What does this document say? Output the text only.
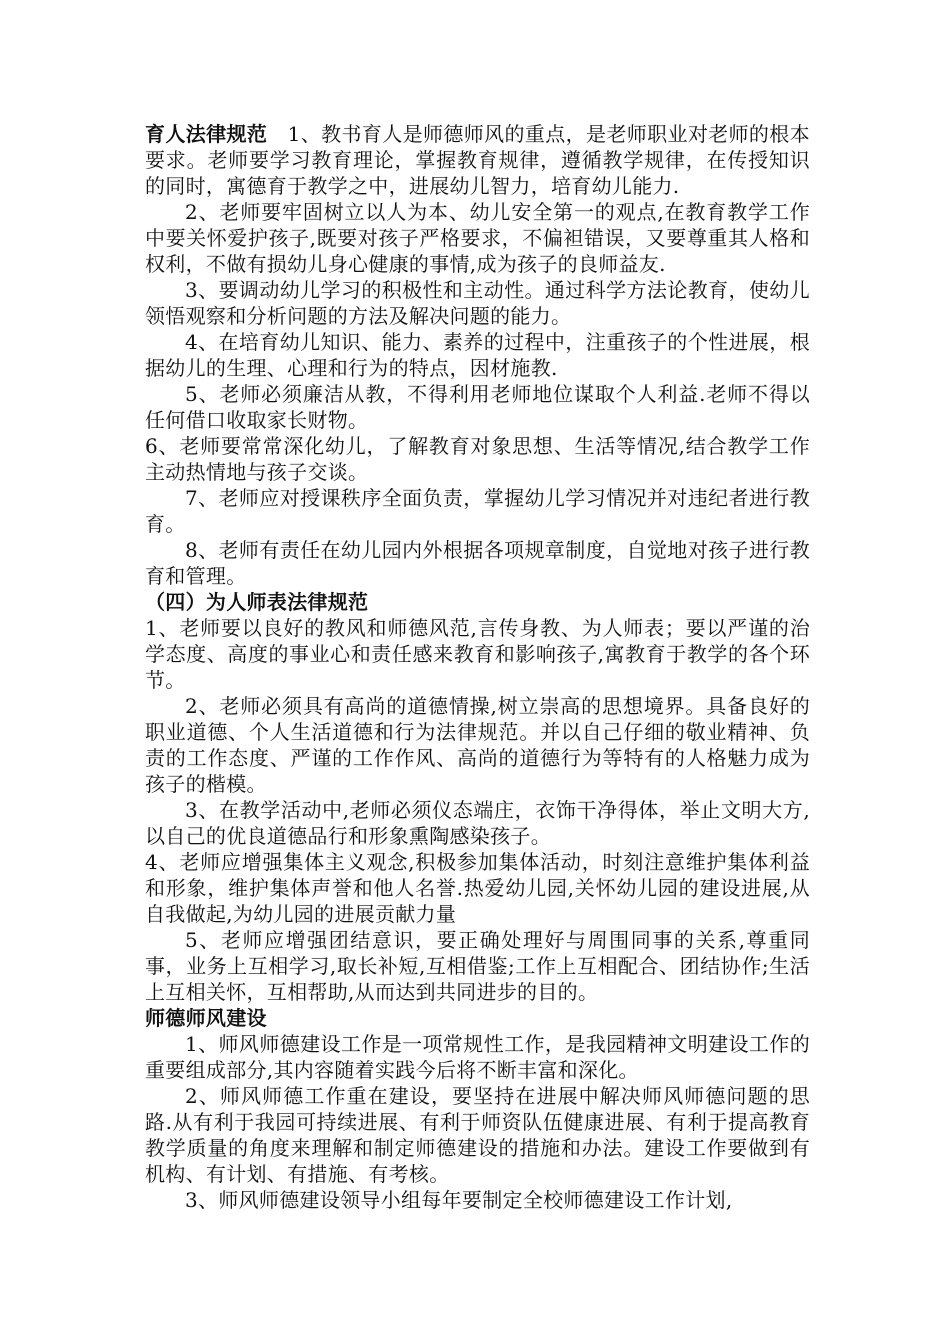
育人法律规范　 1、教书育人是师德师风的重点，是老师职业对老师的根本要求。老师要学习教育理论，掌握教育规律，遵循教学规律，在传授知识的同时，寓德育于教学之中，进展幼儿智力，培育幼儿能力.

2、老师要牢固树立以人为本、幼儿安全第一的观点,在教育教学工作中要关怀爱护孩子,既要对孩子严格要求，不偏袒错误，又要尊重其人格和权利，不做有损幼儿身心健康的事情,成为孩子的良师益友.

3、要调动幼儿学习的积极性和主动性。通过科学方法论教育，使幼儿领悟观察和分析问题的方法及解决问题的能力。

4、在培育幼儿知识、能力、素养的过程中，注重孩子的个性进展，根据幼儿的生理、心理和行为的特点，因材施教.

5、老师必须廉洁从教，不得利用老师地位谋取个人利益.老师不得以任何借口收取家长财物。

6、老师要常常深化幼儿，了解教育对象思想、生活等情况,结合教学工作主动热情地与孩子交谈。

7、老师应对授课秩序全面负责，掌握幼儿学习情况并对违纪者进行教育。

8、老师有责任在幼儿园内外根据各项规章制度，自觉地对孩子进行教育和管理。

（四）为人师表法律规范

1、老师要以良好的教风和师德风范,言传身教、为人师表；要以严谨的治学态度、高度的事业心和责任感来教育和影响孩子,寓教育于教学的各个环节。

2、老师必须具有高尚的道德情操,树立崇高的思想境界。具备良好的职业道德、个人生活道德和行为法律规范。并以自己仔细的敬业精神、负责的工作态度、严谨的工作作风、高尚的道德行为等特有的人格魅力成为孩子的楷模。

3、在教学活动中,老师必须仪态端庄，衣饰干净得体，举止文明大方,以自己的优良道德品行和形象熏陶感染孩子。

4、老师应增强集体主义观念,积极参加集体活动，时刻注意维护集体利益和形象，维护集体声誉和他人名誉.热爱幼儿园,关怀幼儿园的建设进展,从自我做起,为幼儿园的进展贡献力量

5、老师应增强团结意识，要正确处理好与周围同事的关系,尊重同事，业务上互相学习,取长补短,互相借鉴;工作上互相配合、团结协作;生活上互相关怀，互相帮助,从而达到共同进步的目的。

师德师风建设

1、师风师德建设工作是一项常规性工作，是我园精神文明建设工作的重要组成部分,其内容随着实践今后将不断丰富和深化。

2、师风师德工作重在建设，要坚持在进展中解决师风师德问题的思路.从有利于我园可持续进展、有利于师资队伍健康进展、有利于提高教育教学质量的角度来理解和制定师德建设的措施和办法。建设工作要做到有机构、有计划、有措施、有考核。

3、师风师德建设领导小组每年要制定全校师德建设工作计划,
